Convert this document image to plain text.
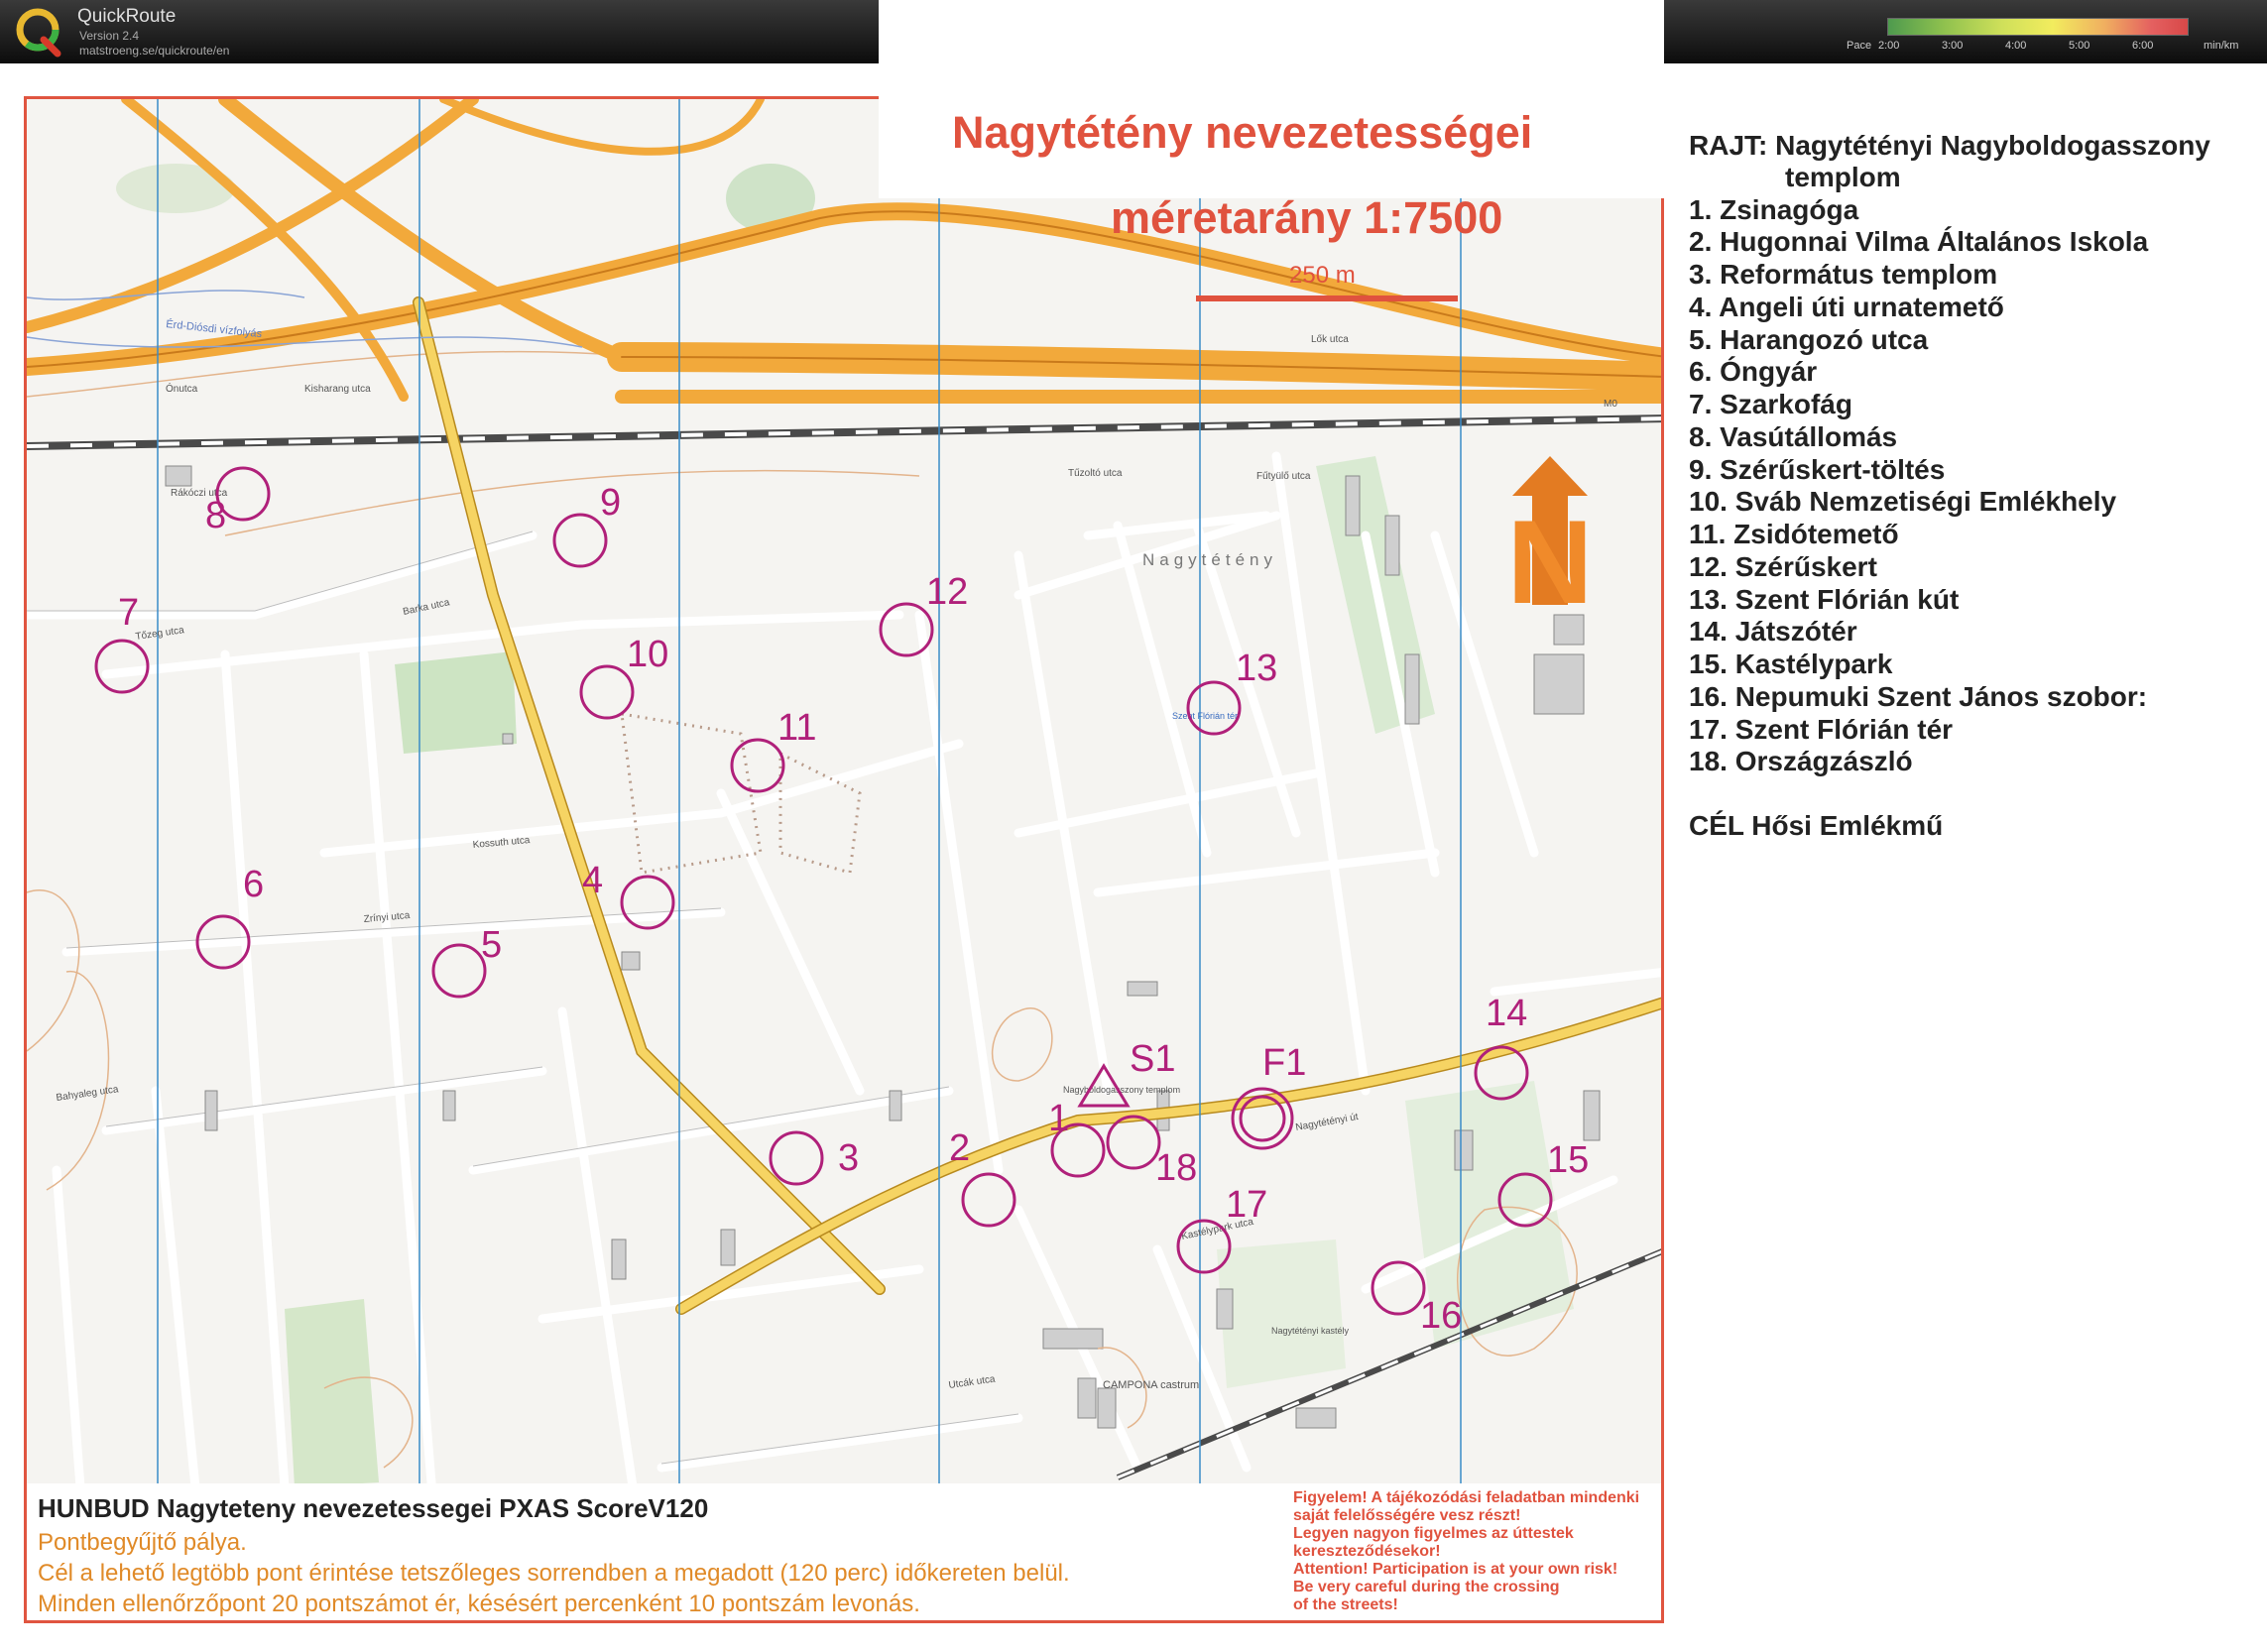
QuickRoute
Version 2.4
matstroeng.se/quickroute/en	Pace 2:00	3:00	4:00	5:00	6:00	min/km
Nagytétény
Barka utca
Tőzeg utca
Rákóczi utca
Kossuth utca
Zrínyi utca
Bahyaleg utca
Kisharang utca
Ónutca
Nagytétényi út
Fűtyülő utca
Szent Flórián tér
Kastélypark utca
Utcák utca	CAMPONA castrum
Nagytétényi kastély
Érd-Diósdi vízfolyás
Nagyboldogasszony templom
Lők utca
Tűzoltó utca
M0
1
2
3
4
5
6
7
8	9
10
11
12
13
14
15
16
17
18
S1 F1
N
Nagytétény nevezetességei
méretarány 1:7500
250 m
HUNBUD Nagyteteny nevezetessegei PXAS ScoreV120
Pontbegyűjtő pálya.
Cél a lehető legtöbb pont érintése tetszőleges sorrendben a megadott (120 perc) időkereten belül.
Minden ellenőrzőpont 20 pontszámot ér, késésért percenként 10 pontszám levonás.
Figyelem! A tájékozódási feladatban mindenki
saját felelősségére vesz részt!
Legyen nagyon figyelmes az úttestek
kereszteződésekor!
Attention! Participation is at your own risk!
Be very careful during the crossing
of the streets!
RAJT: Nagytétényi Nagyboldogasszony
templom
1. Zsinagóga
2. Hugonnai Vilma Általános Iskola
3. Református templom
4. Angeli úti urnatemető
5. Harangozó utca
6. Óngyár
7. Szarkofág
8. Vasútállomás
9. Szérűskert-töltés
10. Sváb Nemzetiségi Emlékhely
11. Zsidótemető
12. Szérűskert
13. Szent Flórián kút
14. Játszótér
15. Kastélypark
16. Nepumuki Szent János szobor:
17. Szent Flórián tér
18. Országzászló
CÉL Hősi Emlékmű
